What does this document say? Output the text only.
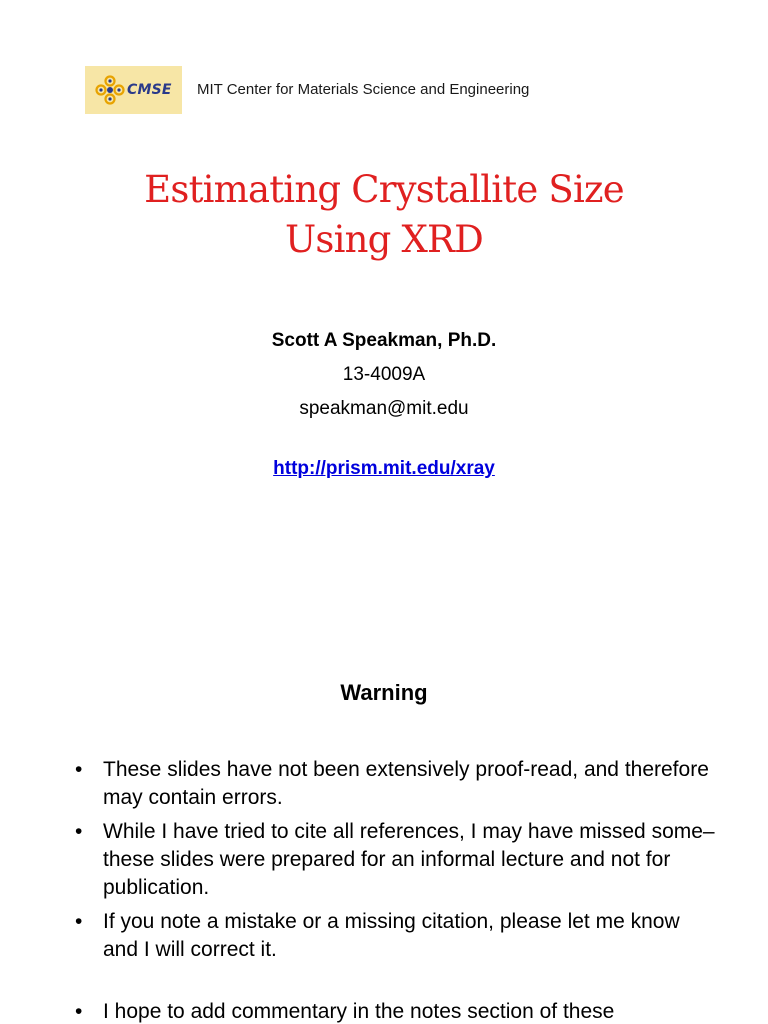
CMSE MIT Center for Materials Science and Engineering
Estimating Crystallite Size
Using XRD
Scott A Speakman, Ph.D.
13-4009A
speakman@mit.edu
http://prism.mit.edu/xray
Warning
• These slides have not been extensively proof-read, and therefore may contain errors.
• While I have tried to cite all references, I may have missed some– these slides were prepared for an informal lecture and not for publication.
• If you note a mistake or a missing citation, please let me know and I will correct it.
• I hope to add commentary in the notes section of these
